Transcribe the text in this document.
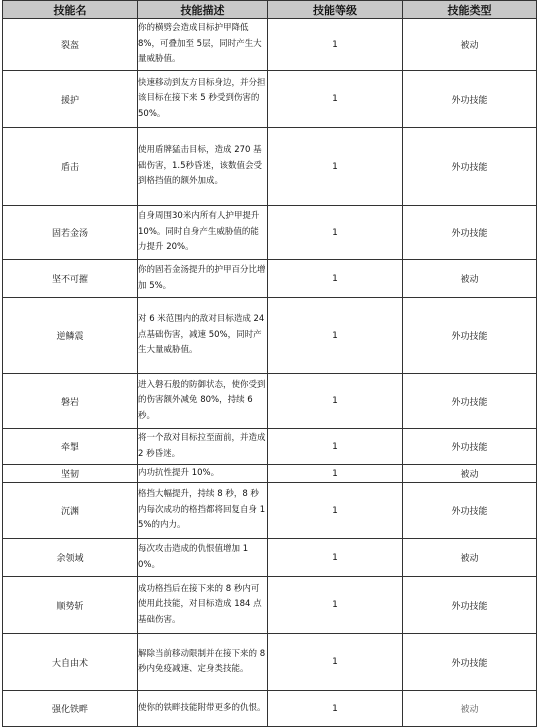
技能名	技能描述	技能等级	技能类型
裂盔	你的横劈会造成目标护甲降低 8%，可叠加至 5层，同时产生大量威胁值。	1	被动
援护	快速移动到友方目标身边，并分担该目标在接下来 5 秒受到伤害的 50%。	1	外功技能
盾击	使用盾牌猛击目标，造成 270 基础伤害，1.5秒昏迷，该数值会受到格挡值的额外加成。	1	外功技能
固若金汤	自身周围30米内所有人护甲提升 10%。同时自身产生威胁值的能力提升 20%。	1	外功技能
坚不可摧	你的固若金汤提升的护甲百分比增加 5%。	1	被动
逆鳞震	对 6 米范围内的敌对目标造成 24 点基础伤害，减速 50%，同时产生大量威胁值。	1	外功技能
磐岩	进入磐石般的防御状态，使你受到的伤害额外减免 80%，持续 6 秒。	1	外功技能
牵掣	将一个敌对目标拉至面前，并造成 2 秒昏迷。	1	外功技能
坚韧	内功抗性提升 10%。	1	被动
沉渊	格挡大幅提升，持续 8 秒，8 秒内每次成功的格挡都将回复自身 15%的内力。	1	外功技能
余领域	每次攻击造成的仇恨值增加 10%。	1	被动
顺势斩	成功格挡后在接下来的 8 秒内可使用此技能，对目标造成 184 点基础伤害。	1	外功技能
大自由术	解除当前移动限制并在接下来的 8 秒内免疫减速、定身类技能。	1	外功技能
强化铁畔	使你的铁畔技能附带更多的仇恨。	1	被动
